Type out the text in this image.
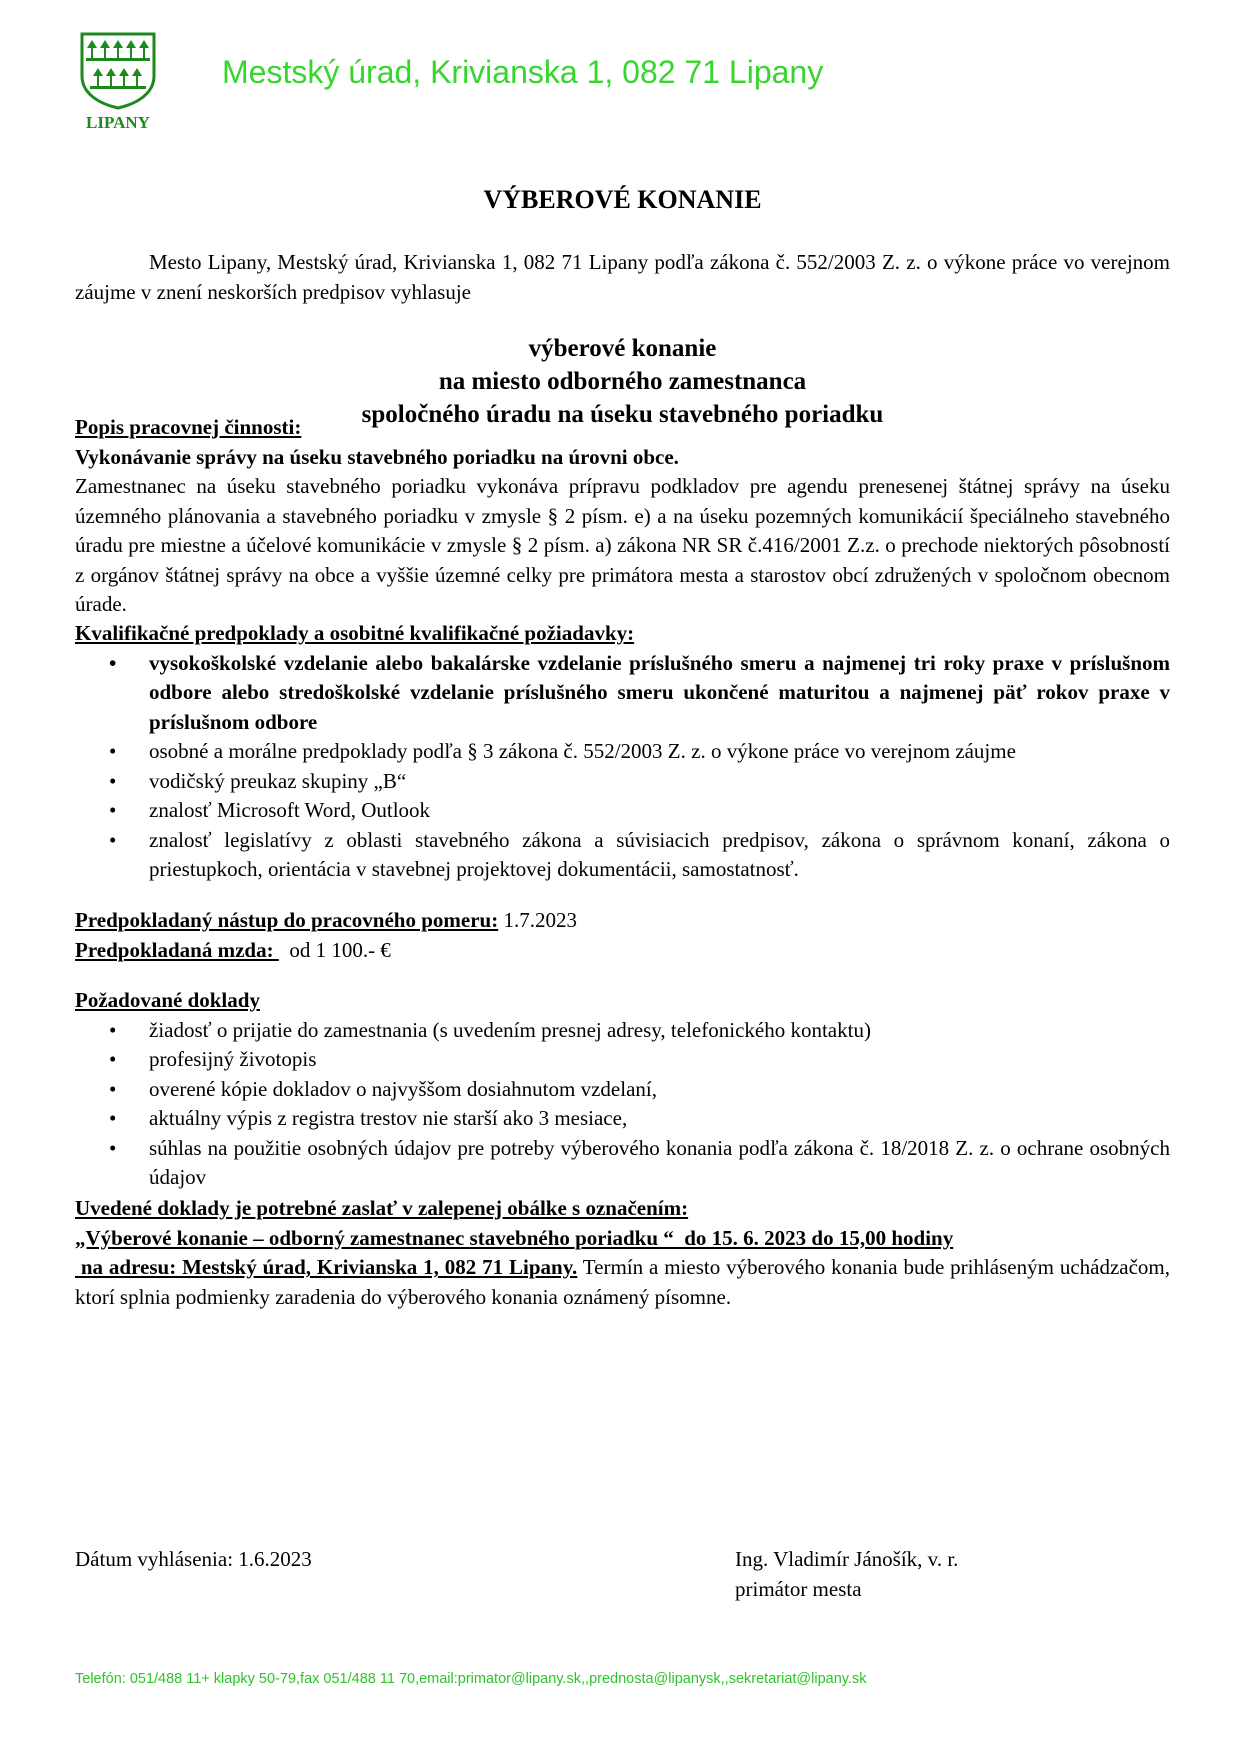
LIPANY
Mestský úrad, Krivianska 1, 082 71 Lipany
VÝBEROVÉ KONANIE

Mesto Lipany, Mestský úrad, Krivianska 1, 082 71 Lipany podľa zákona č. 552/2003 Z. z. o výkone práce vo verejnom záujme v znení neskorších predpisov vyhlasuje

výberové konanie
na miesto odborného zamestnanca
spoločného úradu na úseku stavebného poriadku
Popis pracovnej činnosti:
Vykonávanie správy na úseku stavebného poriadku na úrovni obce.
Zamestnanec na úseku stavebného poriadku vykonáva prípravu podkladov pre agendu prenesenej štátnej správy na úseku územného plánovania a stavebného poriadku v zmysle § 2 písm. e) a na úseku pozemných komunikácií špeciálneho stavebného úradu pre miestne a účelové komunikácie v zmysle § 2 písm. a) zákona NR SR č.416/2001 Z.z. o prechode niektorých pôsobností z orgánov štátnej správy na obce a vyššie územné celky pre primátora mesta a starostov obcí združených v spoločnom obecnom úrade.
Kvalifikačné predpoklady a osobitné kvalifikačné požiadavky:
• vysokoškolské vzdelanie alebo bakalárske vzdelanie príslušného smeru a najmenej tri roky praxe v príslušnom odbore alebo stredoškolské vzdelanie príslušného smeru ukončené maturitou a najmenej päť rokov praxe v príslušnom odbore
• osobné a morálne predpoklady podľa § 3 zákona č. 552/2003 Z. z. o výkone práce vo verejnom záujme
• vodičský preukaz skupiny „B“
• znalosť Microsoft Word, Outlook
• znalosť legislatívy z oblasti stavebného zákona a súvisiacich predpisov, zákona o správnom konaní, zákona o priestupkoch, orientácia v stavebnej projektovej dokumentácii, samostatnosť.
Predpokladaný nástup do pracovného pomeru: 1.7.2023
Predpokladaná mzda:   od 1 100.- €
Požadované doklady
• žiadosť o prijatie do zamestnania (s uvedením presnej adresy, telefonického kontaktu)
• profesijný životopis
• overené kópie dokladov o najvyššom dosiahnutom vzdelaní,
• aktuálny výpis z registra trestov nie starší ako 3 mesiace,
• súhlas na použitie osobných údajov pre potreby výberového konania podľa zákona č. 18/2018 Z. z. o ochrane osobných údajov
Uvedené doklady je potrebné zaslať v zalepenej obálke s označením:
„Výberové konanie – odborný zamestnanec stavebného poriadku “  do 15. 6. 2023 do 15,00 hodiny
na adresu: Mestský úrad, Krivianska 1, 082 71 Lipany. Termín a miesto výberového konania bude prihláseným uchádzačom, ktorí splnia podmienky zaradenia do výberového konania oznámený písomne.
Dátum vyhlásenia: 1.6.2023	Ing. Vladimír Jánošík, v. r.
primátor mesta
Telefón: 051/488 11+ klapky 50-79,fax 051/488 11 70,email:primator@lipany.sk,,prednosta@lipanysk,,sekretariat@lipany.sk
